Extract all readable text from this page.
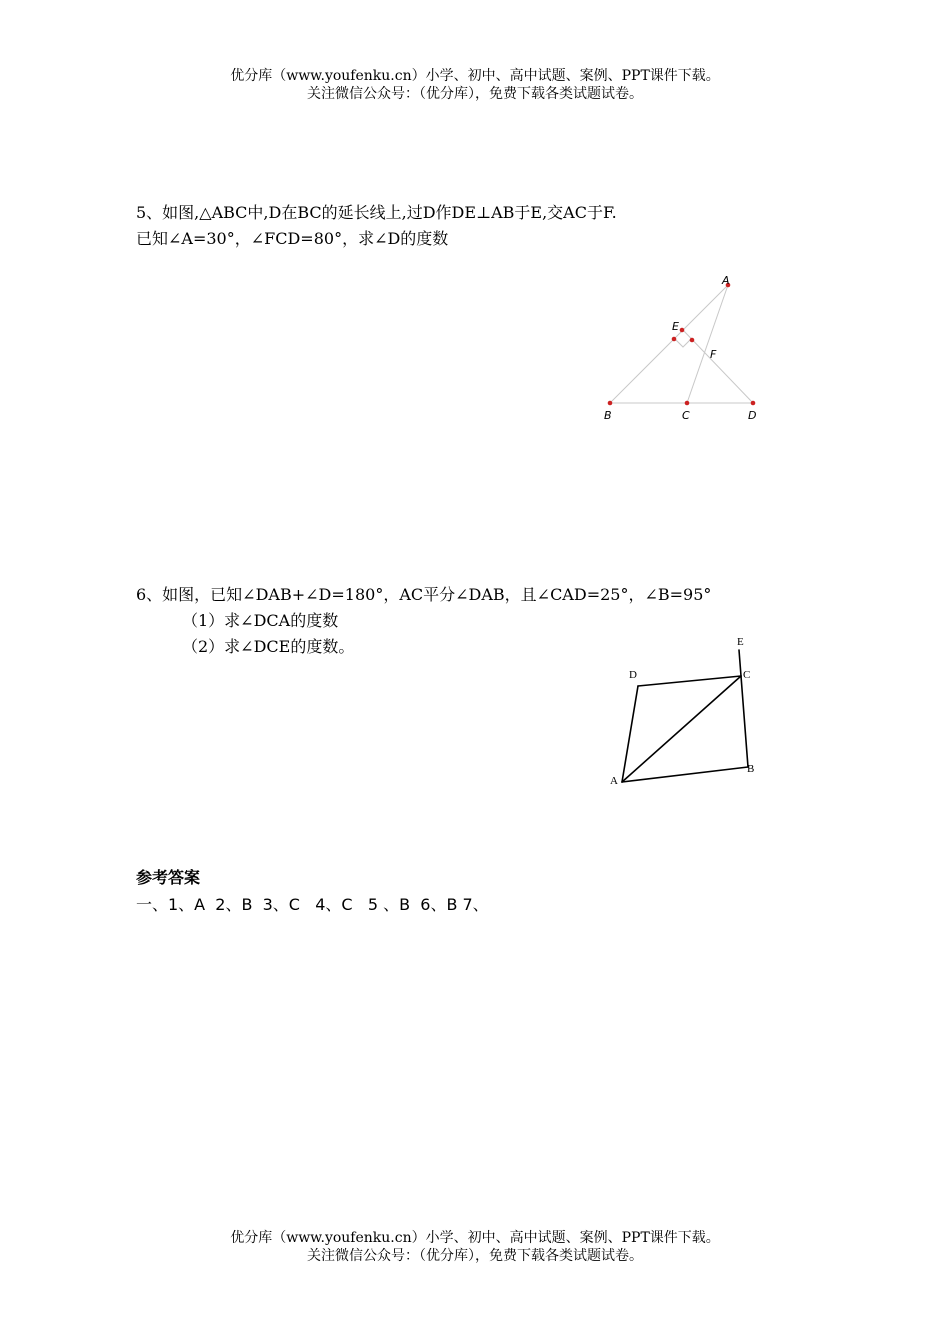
优分库（www.youfenku.cn）小学、初中、高中试题、案例、PPT课件下载。
关注微信公众号：（优分库），免费下载各类试题试卷。
5、如图,△ABC中,D在BC的延长线上,过D作DE⊥AB于E,交AC于F.
已知∠A=30°，∠FCD=80°，求∠D的度数
A
E
F
B	C	D
6、如图，已知∠DAB+∠D=180°，AC平分∠DAB，且∠CAD=25°，∠B=95°
（1）求∠DCA的度数
（2）求∠DCE的度数。	E
D	C
A
B
参考答案
一、1、A  2、B  3、C   4、C   5 、B  6、B 7、
优分库（www.youfenku.cn）小学、初中、高中试题、案例、PPT课件下载。
关注微信公众号：（优分库），免费下载各类试题试卷。
